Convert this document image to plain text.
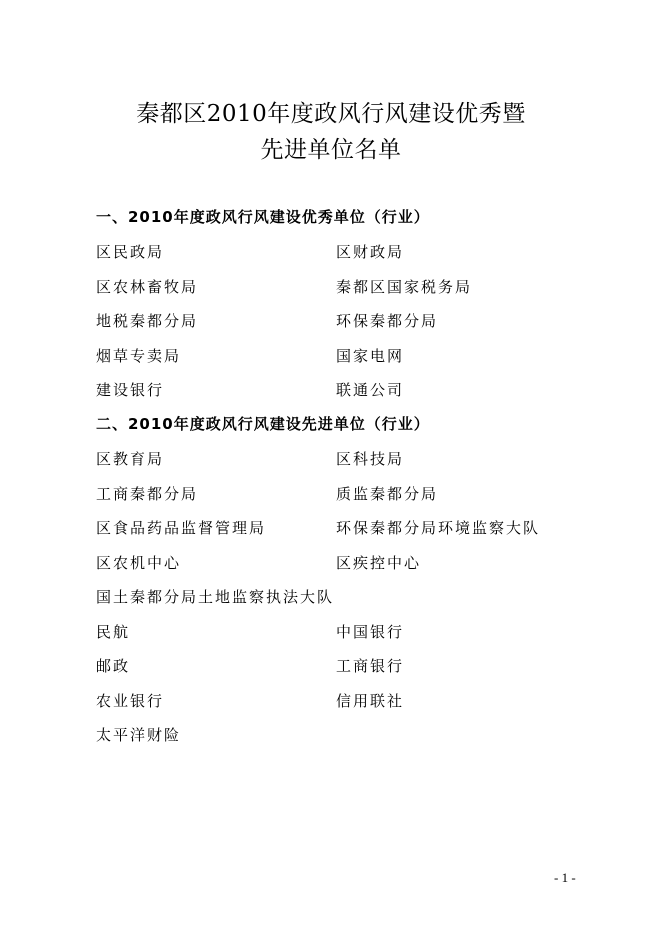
秦都区2010年度政风行风建设优秀暨
先进单位名单
一、2010年度政风行风建设优秀单位（行业）
区民政局	区财政局
区农林畜牧局	秦都区国家税务局
地税秦都分局	环保秦都分局
烟草专卖局	国家电网
建设银行	联通公司
二、2010年度政风行风建设先进单位（行业）
区教育局	区科技局
工商秦都分局	质监秦都分局
区食品药品监督管理局	环保秦都分局环境监察大队
区农机中心	区疾控中心
国土秦都分局土地监察执法大队
民航	中国银行
邮政	工商银行
农业银行	信用联社
太平洋财险
- 1 -
